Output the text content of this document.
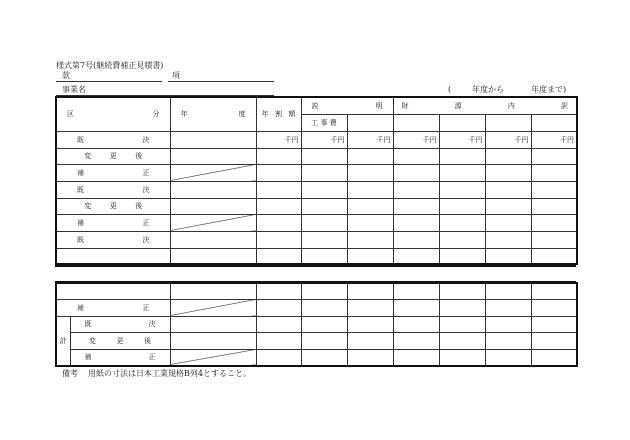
様式第7号(継続費補正見積書)
款	項
事業名	(	年度から	年度まで)
区 分	年 度	年 割 額	説 明		財 源 内 訳			

			工 事 費					

既 決		千円	千円	千円	千円	千円	千円	千円

変 更 後								

補 正								

既 決								

変 更 後								

補 正								

既 決								

補 正									

計	既 決								

	変 更 後								

	補 正								

備考 用紙の寸法は日本工業規格B列4とすること。
